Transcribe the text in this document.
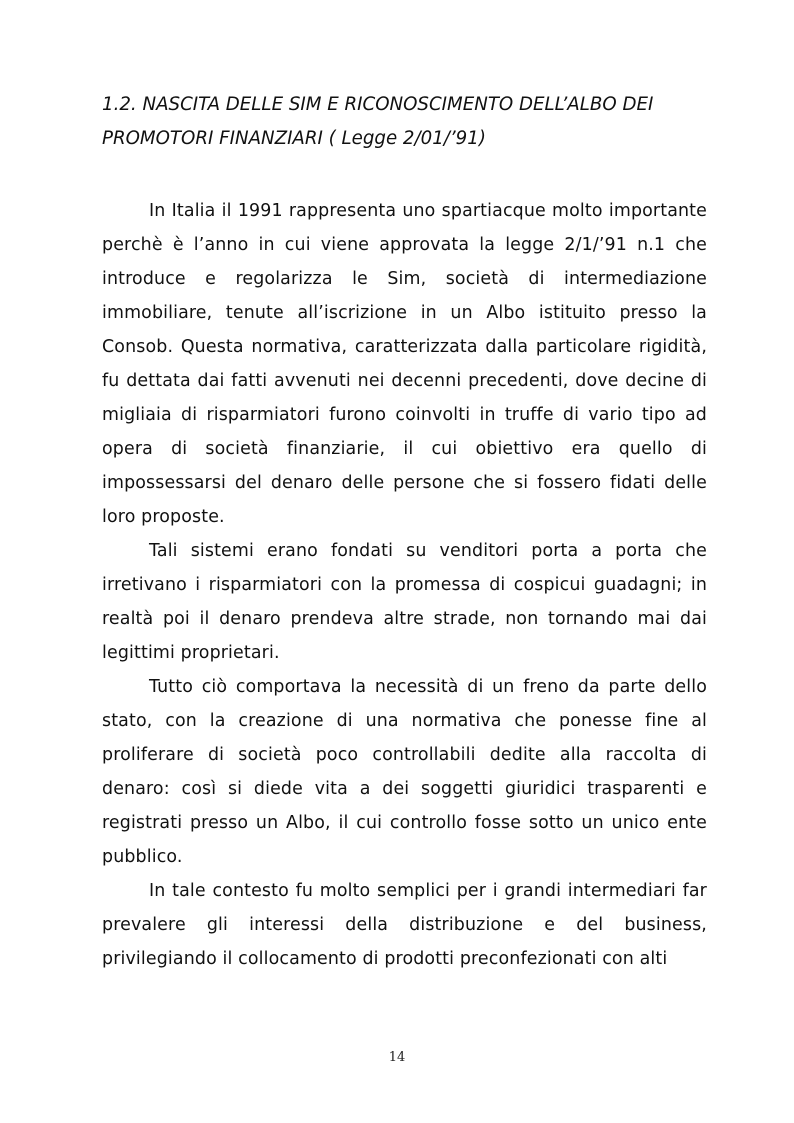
1.2. NASCITA DELLE SIM E RICONOSCIMENTO DELL’ALBO DEI
PROMOTORI FINANZIARI ( Legge 2/01/’91)

In Italia il 1991 rappresenta uno spartiacque molto importante perchè è l’anno in cui viene approvata la legge 2/1/’91 n.1 che introduce e regolarizza le Sim, società di intermediazione immobiliare, tenute all’iscrizione in un Albo istituito presso la Consob. Questa normativa, caratterizzata dalla particolare rigidità, fu dettata dai fatti avvenuti nei decenni precedenti, dove decine di migliaia di risparmiatori furono coinvolti in truffe di vario tipo ad opera di società finanziarie, il cui obiettivo era quello di impossessarsi del denaro delle persone che si fossero fidati delle loro proposte.

Tali sistemi erano fondati su venditori porta a porta che irretivano i risparmiatori con la promessa di cospicui guadagni; in realtà poi il denaro prendeva altre strade, non tornando mai dai legittimi proprietari.

Tutto ciò comportava la necessità di un freno da parte dello stato, con la creazione di una normativa che ponesse fine al proliferare di società poco controllabili dedite alla raccolta di denaro: così si diede vita a dei soggetti giuridici trasparenti e registrati presso un Albo, il cui controllo fosse sotto un unico ente pubblico.

In tale contesto fu molto semplici per i grandi intermediari far prevalere gli interessi della distribuzione e del business, privilegiando il collocamento di prodotti preconfezionati con alti

14
